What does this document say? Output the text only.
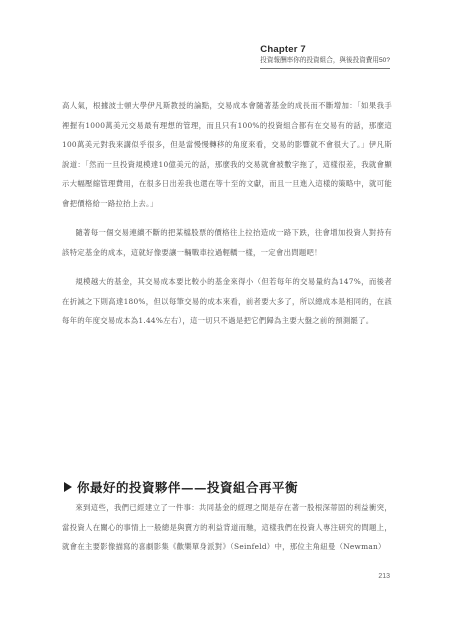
Chapter 7
投資報酬率你的投資組合，與後投資費用50?

高人氣，根據波士頓大學伊凡斯教授的論點，交易成本會隨著基金的成長而不斷增加：「如果我手裡握有1000萬美元交易最有理想的管理，而且只有100%的投資組合都有在交易有的話，那麼這100萬美元對我來講似乎很多，但是當慢慢轉移的角度來看，交易的影響就不會很大了。」伊凡斯說道：「然而一旦投資規模達10億美元的話，那麼我的交易就會被數字拖了，這樣很差，我就會顯示大幅壓縮管理費用，在很多日出差我也還在等十至的文獻，而且一旦進入這樣的策略中，就可能會把價格給一路拉抬上去。」

隨著每一個交易連續不斷的把某檔股票的價格往上拉抬造成一路下跌，往會增加投資人對持有該特定基金的成本，這就好像要讓一輛戰車拉過輕轎一樣，一定會出問題吧！

規模越大的基金，其交易成本要比較小的基金來得小（但若每年的交易量約為147%，而後者在折減之下則高達180%，但以每筆交易的成本來看，前者要大多了，所以總成本是相同的，在該每年的年度交易成本為1.44%左右），這一切只不過是把它們歸為主要大盤之前的預測罷了。

你最好的投資夥伴——投資組合再平衡

來到這些，我們已經建立了一件事：共同基金的經理之間是存在著一股根深蒂固的利益衝突，當投資人在關心的事情上一般總是與賣方的利益背道而馳，這樣我們在投資人專注研究的問題上，就會在主要影像描寫的喜劇影集《歡樂單身派對》（Seinfeld）中，那位主角紐曼（Newman）

213
